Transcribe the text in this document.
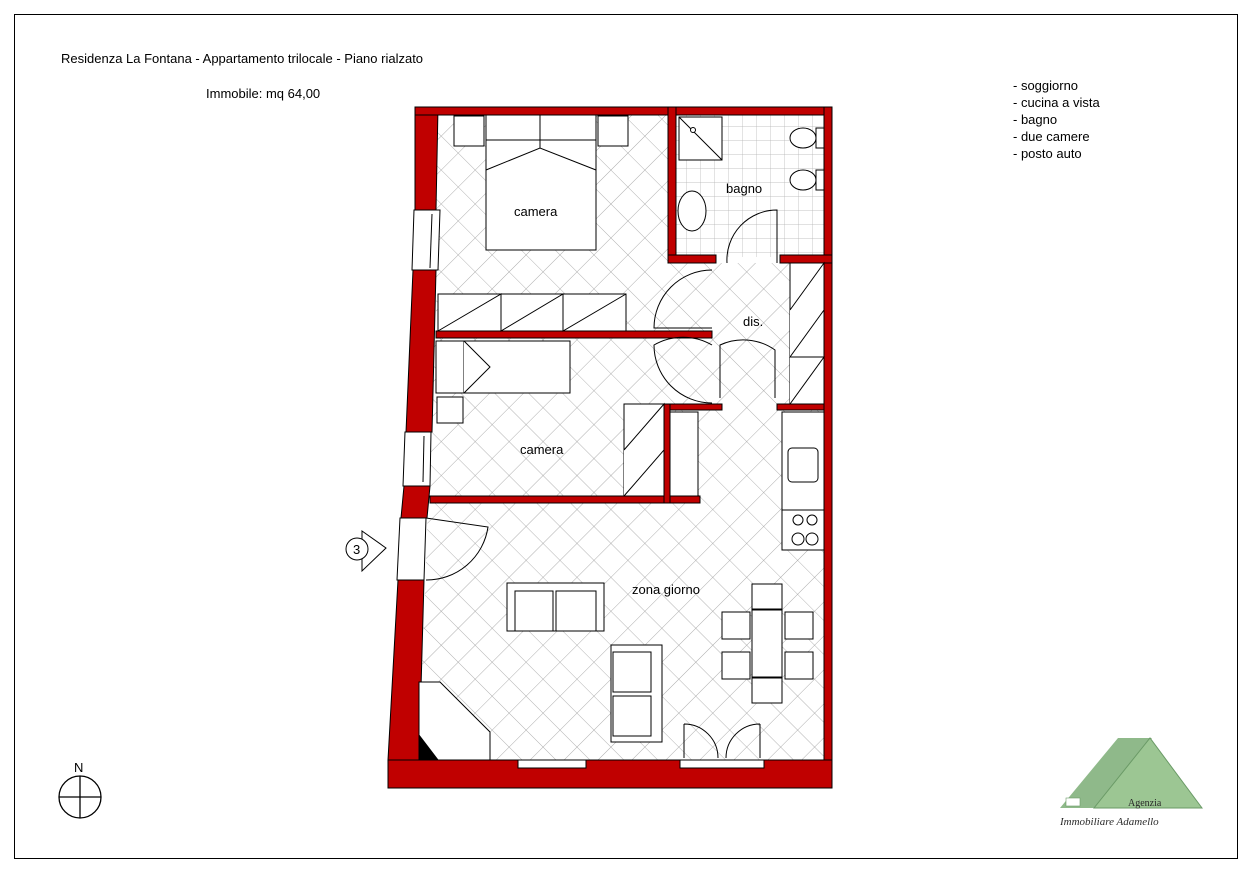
Residenza La Fontana - Appartamento trilocale - Piano rialzato
Immobile: mq 64,00
- soggiorno
- cucina a vista
- bagno
- due camere
- posto auto
N
3
camera
bagno
dis.
camera
zona giorno
Agenzia
Immobiliare Adamello
